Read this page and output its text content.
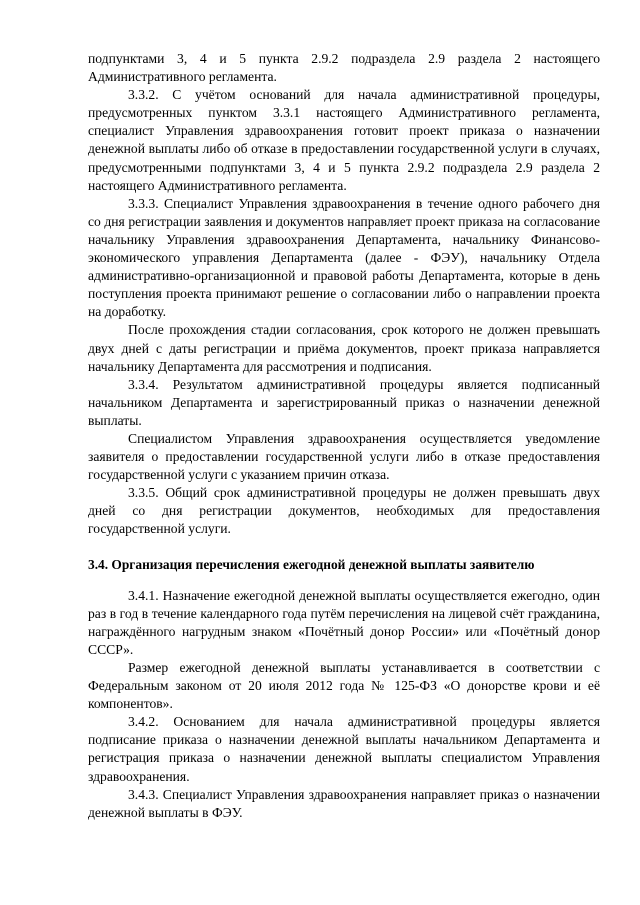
подпунктами 3, 4 и 5 пункта 2.9.2 подраздела 2.9 раздела 2 настоящего Административного регламента.

3.3.2. С учётом оснований для начала административной процедуры, предусмотренных пунктом 3.3.1 настоящего Административного регламента, специалист Управления здравоохранения готовит проект приказа о назначении денежной выплаты либо об отказе в предоставлении государственной услуги в случаях, предусмотренными подпунктами 3, 4 и 5 пункта 2.9.2 подраздела 2.9 раздела 2 настоящего Административного регламента.

3.3.3. Специалист Управления здравоохранения в течение одного рабочего дня со дня регистрации заявления и документов направляет проект приказа на согласование начальнику Управления здравоохранения Департамента, начальнику Финансово-экономического управления Департамента (далее - ФЭУ), начальнику Отдела административно-организационной и правовой работы Департамента, которые в день поступления проекта принимают решение о согласовании либо о направлении проекта на доработку.

После прохождения стадии согласования, срок которого не должен превышать двух дней с даты регистрации и приёма документов, проект приказа направляется начальнику Департамента для рассмотрения и подписания.

3.3.4. Результатом административной процедуры является подписанный начальником Департамента и зарегистрированный приказ о назначении денежной выплаты.

Специалистом Управления здравоохранения осуществляется уведомление заявителя о предоставлении государственной услуги либо в отказе предоставления государственной услуги с указанием причин отказа.

3.3.5. Общий срок административной процедуры не должен превышать двух дней со дня регистрации документов, необходимых для предоставления государственной услуги.

3.4. Организация перечисления ежегодной денежной выплаты заявителю

3.4.1. Назначение ежегодной денежной выплаты осуществляется ежегодно, один раз в год в течение календарного года путём перечисления на лицевой счёт гражданина, награждённого нагрудным знаком «Почётный донор России» или «Почётный донор СССР».

Размер ежегодной денежной выплаты устанавливается в соответствии с Федеральным законом от 20 июля 2012 года № 125-ФЗ «О донорстве крови и её компонентов».

3.4.2. Основанием для начала административной процедуры является подписание приказа о назначении денежной выплаты начальником Департамента и регистрация приказа о назначении денежной выплаты специалистом Управления здравоохранения.

3.4.3. Специалист Управления здравоохранения направляет приказ о назначении денежной выплаты в ФЭУ.
